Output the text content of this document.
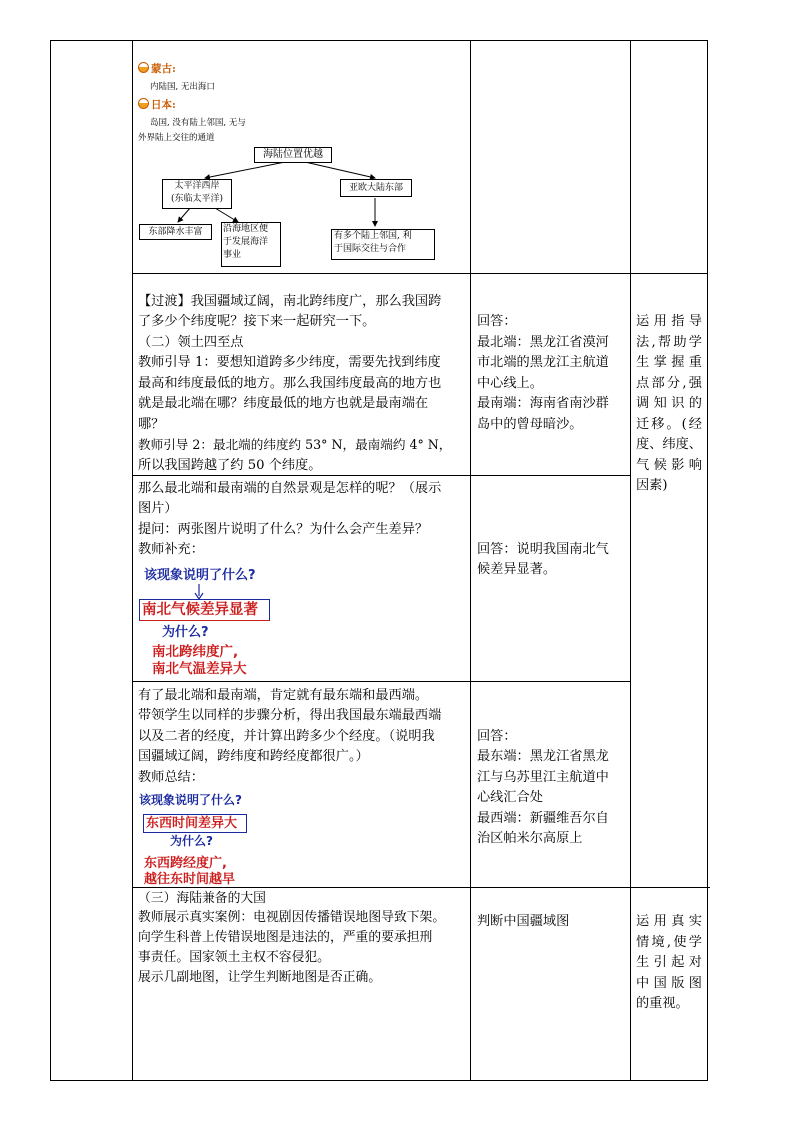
蒙古:
内陆国, 无出海口
日本:
岛国, 没有陆上邻国, 无与
外界陆上交往的通道
海陆位置优越
太平洋西岸
(东临太平洋)
亚欧大陆东部
东部降水丰富	沿海地区便
于发展海洋
事业
有多个陆上邻国, 利
于国际交往与合作
【过渡】我国疆域辽阔，南北跨纬度广，那么我国跨
了多少个纬度呢？接下来一起研究一下。
（二）领土四至点
教师引导 1：要想知道跨多少纬度，需要先找到纬度
最高和纬度最低的地方。那么我国纬度最高的地方也
就是最北端在哪？纬度最低的地方也就是最南端在
哪？
教师引导 2：最北端的纬度约 53° N，最南端约 4° N，
所以我国跨越了约 50 个纬度。
回答：
最北端：黑龙江省漠河
市北端的黑龙江主航道
中心线上。
最南端：海南省南沙群
岛中的曾母暗沙。
运用指导
法,帮助学
生掌握重
点部分,强
调知识的
迁移。(经
度、纬度、
气候影响
因素)
那么最北端和最南端的自然景观是怎样的呢？（展示
图片）
提问：两张图片说明了什么？为什么会产生差异？
教师补充：
该现象说明了什么?
南北气候差异显著
为什么?
南北跨纬度广,
南北气温差异大
回答：说明我国南北气
候差异显著。
有了最北端和最南端，肯定就有最东端和最西端。
带领学生以同样的步骤分析，得出我国最东端最西端
以及二者的经度，并计算出跨多少个经度。（说明我
国疆域辽阔，跨纬度和跨经度都很广。）
教师总结：
该现象说明了什么?
东西时间差异大
为什么?
东西跨经度广,
越往东时间越早
回答：
最东端：黑龙江省黑龙
江与乌苏里江主航道中
心线汇合处
最西端：新疆维吾尔自
治区帕米尔高原上
（三）海陆兼备的大国
教师展示真实案例：电视剧因传播错误地图导致下架。
向学生科普上传错误地图是违法的，严重的要承担刑
事责任。国家领土主权不容侵犯。
展示几副地图，让学生判断地图是否正确。
判断中国疆域图	运用真实
情境,使学
生引起对
中国版图
的重视。
